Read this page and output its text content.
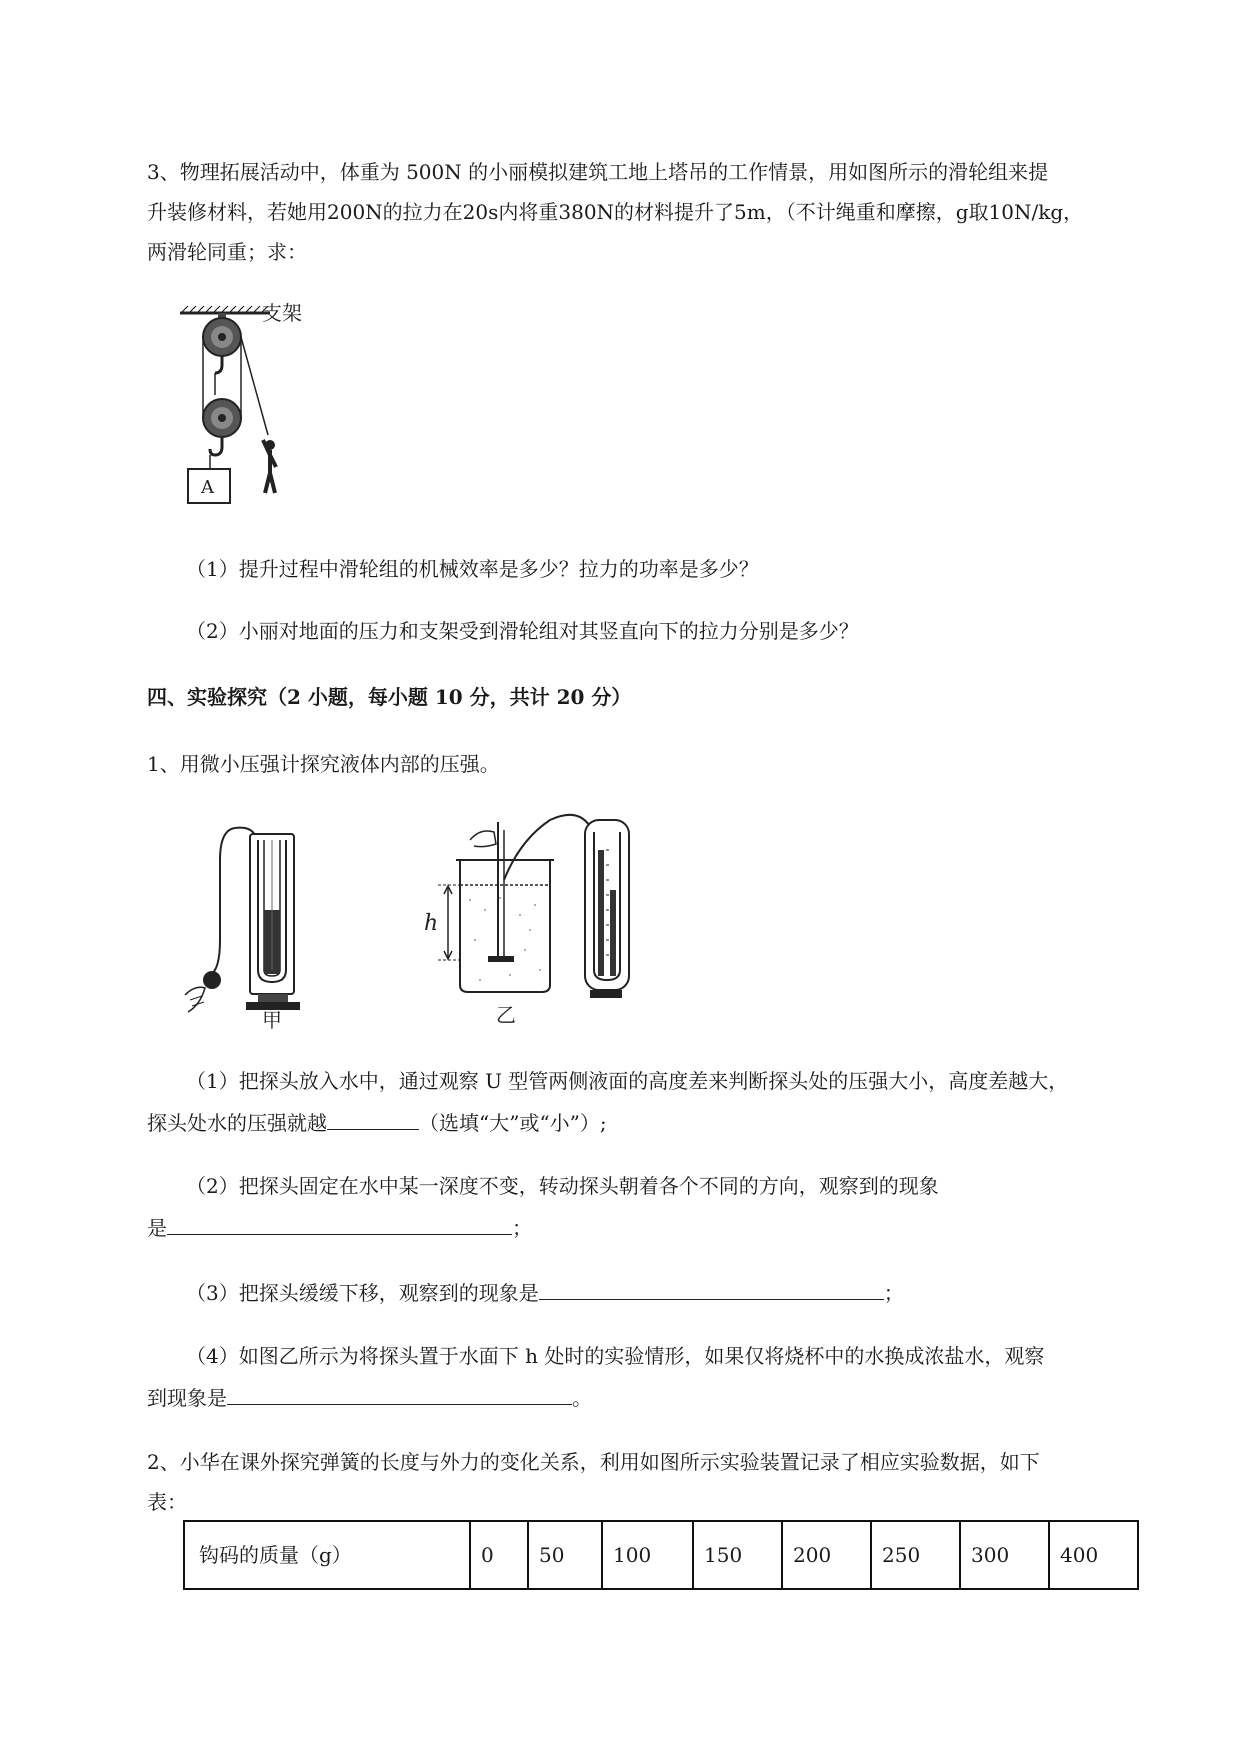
3、物理拓展活动中，体重为 500N 的小丽模拟建筑工地上塔吊的工作情景，用如图所示的滑轮组来提
升装修材料，若她用200N的拉力在20s内将重380N的材料提升了5m，（不计绳重和摩擦，g取10N/kg，
两滑轮同重；求：
支架
A
（1）提升过程中滑轮组的机械效率是多少？拉力的功率是多少？
（2）小丽对地面的压力和支架受到滑轮组对其竖直向下的拉力分别是多少？
四、实验探究（2 小题，每小题 10 分，共计 20 分）
1、用微小压强计探究液体内部的压强。
甲
h
乙
（1）把探头放入水中，通过观察 U 型管两侧液面的高度差来判断探头处的压强大小，高度差越大，
探头处水的压强就越	（选填“大”或“小”）;
（2）把探头固定在水中某一深度不变，转动探头朝着各个不同的方向，观察到的现象
是	；
（3）把探头缓缓下移，观察到的现象是	；
（4）如图乙所示为将探头置于水面下 h 处时的实验情形，如果仅将烧杯中的水换成浓盐水，观察
到现象是	。
2、小华在课外探究弹簧的长度与外力的变化关系，利用如图所示实验装置记录了相应实验数据，如下
表：
钩码的质量（g）	0	50	100	150	200	250	300	400
